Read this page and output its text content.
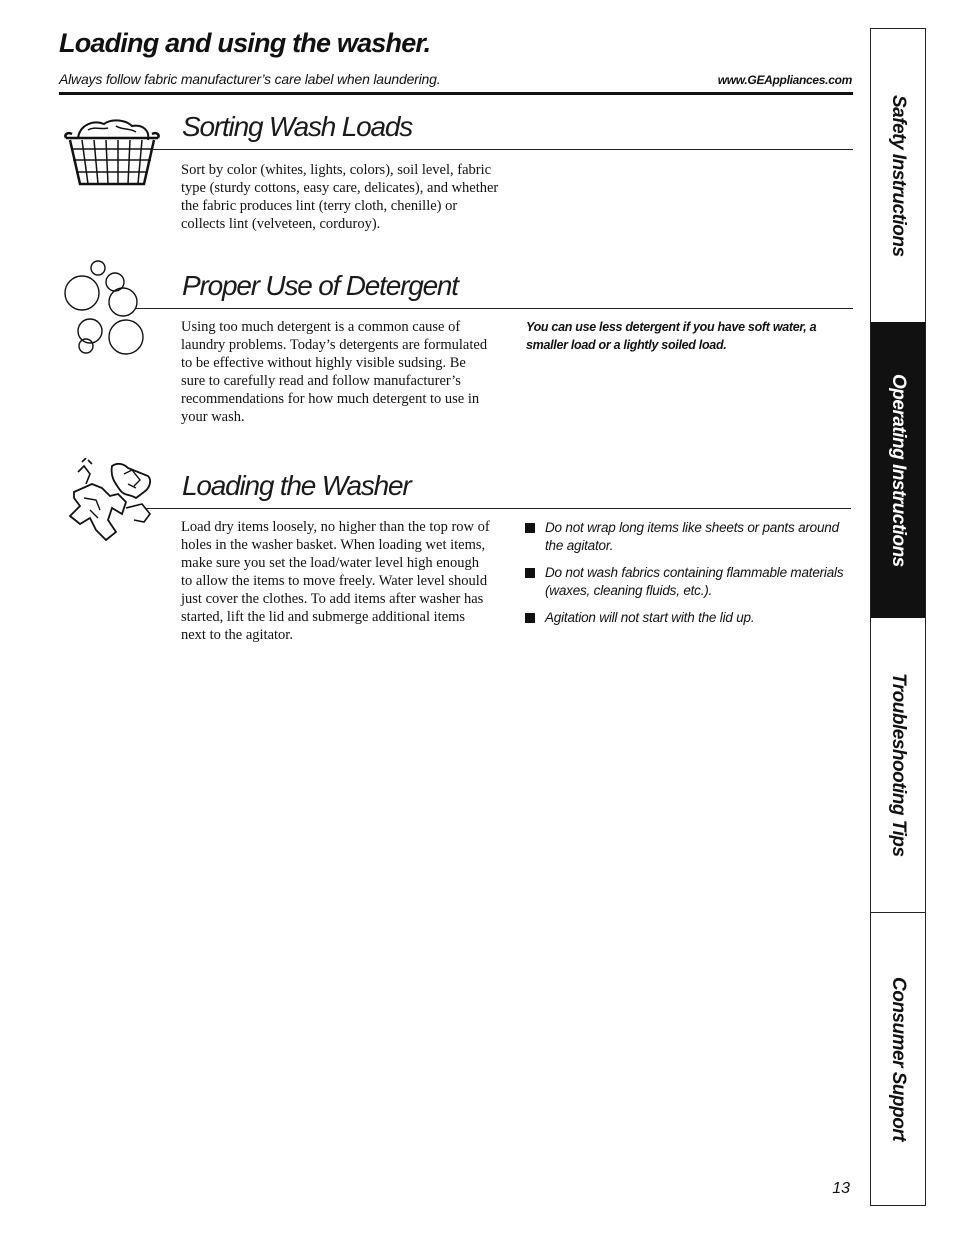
Loading and using the washer.
Always follow fabric manufacturer’s care label when laundering.	www.GEAppliances.com
Sorting Wash Loads
Sort by color (whites, lights, colors), soil level, fabric type (sturdy cottons, easy care, delicates), and whether the fabric produces lint (terry cloth, chenille) or collects lint (velveteen, corduroy).
Proper Use of Detergent
Using too much detergent is a common cause of laundry problems. Today’s detergents are formulated to be effective without highly visible sudsing. Be sure to carefully read and follow manufacturer’s recommendations for how much detergent to use in your wash.
You can use less detergent if you have soft water, a smaller load or a lightly soiled load.
Loading the Washer
Load dry items loosely, no higher than the top row of holes in the washer basket. When loading wet items, make sure you set the load/water level high enough to allow the items to move freely. Water level should just cover the clothes. To add items after washer has started, lift the lid and submerge additional items next to the agitator.
Do not wrap long items like sheets or pants around the agitator.
Do not wash fabrics containing flammable materials (waxes, cleaning fluids, etc.).
Agitation will not start with the lid up.
Safety Instructions
Operating Instructions
Troubleshooting Tips
Consumer Support
13
